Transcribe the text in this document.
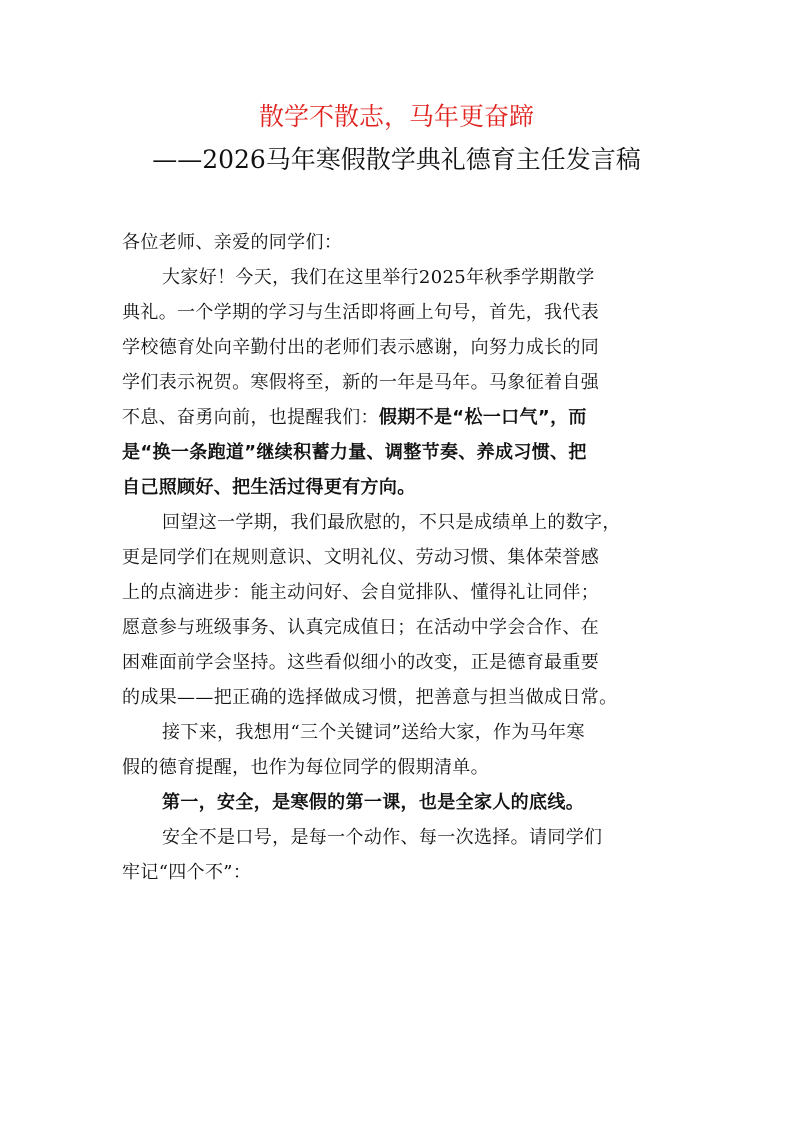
散学不散志，马年更奋蹄
——2026马年寒假散学典礼德育主任发言稿
各位老师、亲爱的同学们：
大家好！今天，我们在这里举行2025年秋季学期散学
典礼。一个学期的学习与生活即将画上句号，首先，我代表
学校德育处向辛勤付出的老师们表示感谢，向努力成长的同
学们表示祝贺。寒假将至，新的一年是马年。马象征着自强
不息、奋勇向前，也提醒我们：假期不是“松一口气”，而
是“换一条跑道”继续积蓄力量、调整节奏、养成习惯、把
自己照顾好、把生活过得更有方向。
回望这一学期，我们最欣慰的，不只是成绩单上的数字，
更是同学们在规则意识、文明礼仪、劳动习惯、集体荣誉感
上的点滴进步：能主动问好、会自觉排队、懂得礼让同伴；
愿意参与班级事务、认真完成值日；在活动中学会合作、在
困难面前学会坚持。这些看似细小的改变，正是德育最重要
的成果——把正确的选择做成习惯，把善意与担当做成日常。
接下来，我想用“三个关键词”送给大家，作为马年寒
假的德育提醒，也作为每位同学的假期清单。
第一，安全，是寒假的第一课，也是全家人的底线。
安全不是口号，是每一个动作、每一次选择。请同学们
牢记“四个不”：
